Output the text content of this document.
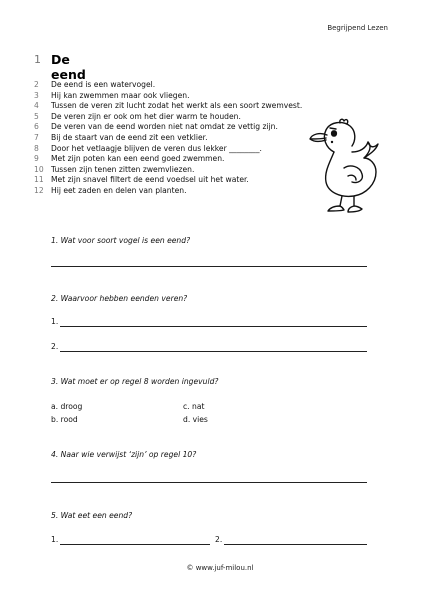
Begrijpend Lezen
1 De eend
2	De eend is een watervogel.
3	Hij kan zwemmen maar ook vliegen.
4	Tussen de veren zit lucht zodat het werkt als een soort zwemvest.
5	De veren zijn er ook om het dier warm te houden.
6	De veren van de eend worden niet nat omdat ze vettig zijn.
7	Bij de staart van de eend zit een vetklier.
8	Door het vetlaagje blijven de veren dus lekker ________.
9	Met zijn poten kan een eend goed zwemmen.
10 Tussen zijn tenen zitten zwemvliezen.
11 Met zijn snavel filtert de eend voedsel uit het water.
12 Hij eet zaden en delen van planten.
1. Wat voor soort vogel is een eend?
2. Waarvoor hebben eenden veren?
1.
2.
3. Wat moet er op regel 8 worden ingevuld?
a. droog	c. nat
b. rood	d. vies
4. Naar wie verwijst ‘zijn’ op regel 10?
5. Wat eet een eend?
1.	2.
© www.juf-milou.nl
